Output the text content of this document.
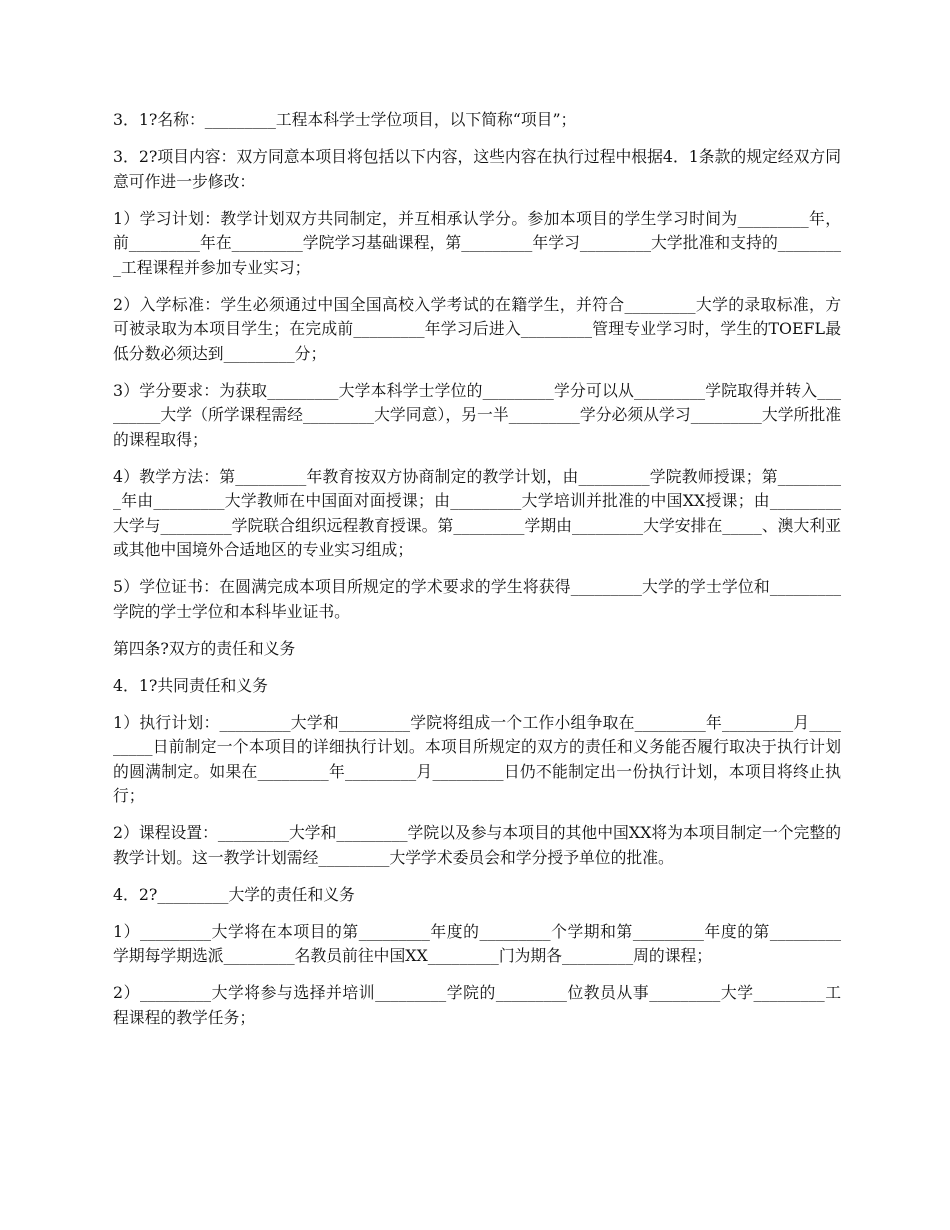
3．1?名称：_________工程本科学士学位项目，以下简称“项目”；

3．2?项目内容：双方同意本项目将包括以下内容，这些内容在执行过程中根据4．1条款的规定经双方同意可作进一步修改：

1）学习计划：教学计划双方共同制定，并互相承认学分。参加本项目的学生学习时间为_________年，前_________年在_________学院学习基础课程，第_________年学习_________大学批准和支持的_________工程课程并参加专业实习；

2）入学标准：学生必须通过中国全国高校入学考试的在籍学生，并符合_________大学的录取标准，方可被录取为本项目学生；在完成前_________年学习后进入_________管理专业学习时，学生的TOEFL最低分数必须达到_________分；

3）学分要求：为获取_________大学本科学士学位的_________学分可以从_________学院取得并转入_________大学（所学课程需经_________大学同意），另一半_________学分必须从学习_________大学所批准的课程取得；

4）教学方法：第_________年教育按双方协商制定的教学计划，由_________学院教师授课；第_________年由_________大学教师在中国面对面授课；由_________大学培训并批准的中国XX授课；由_________大学与_________学院联合组织远程教育授课。第_________学期由_________大学安排在_____、澳大利亚或其他中国境外合适地区的专业实习组成；

5）学位证书：在圆满完成本项目所规定的学术要求的学生将获得_________大学的学士学位和_________学院的学士学位和本科毕业证书。

第四条?双方的责任和义务

4．1?共同责任和义务

1）执行计划：_________大学和_________学院将组成一个工作小组争取在_________年_________月_________日前制定一个本项目的详细执行计划。本项目所规定的双方的责任和义务能否履行取决于执行计划的圆满制定。如果在_________年_________月_________日仍不能制定出一份执行计划，本项目将终止执行；

2）课程设置：_________大学和_________学院以及参与本项目的其他中国XX将为本项目制定一个完整的教学计划。这一教学计划需经_________大学学术委员会和学分授予单位的批准。

4．2?_________大学的责任和义务

1）_________大学将在本项目的第_________年度的_________个学期和第_________年度的第_________学期每学期选派_________名教员前往中国XX_________门为期各_________周的课程；

2）_________大学将参与选择并培训_________学院的_________位教员从事_________大学_________工程课程的教学任务；
